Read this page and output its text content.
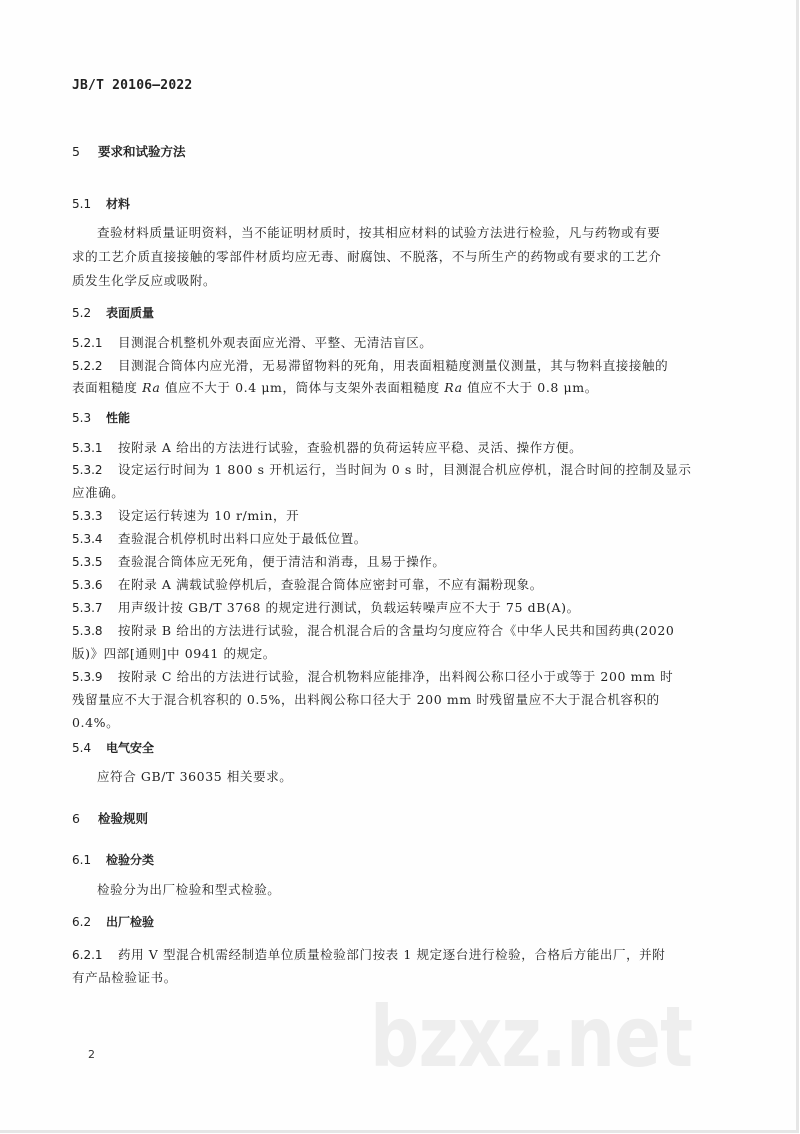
JB/T 20106—2022
5 要求和试验方法
5.1 材料
查验材料质量证明资料，当不能证明材质时，按其相应材料的试验方法进行检验，凡与药物或有要
求的工艺介质直接接触的零部件材质均应无毒、耐腐蚀、不脱落，不与所生产的药物或有要求的工艺介
质发生化学反应或吸附。
5.2 表面质量
5.2.1 目测混合机整机外观表面应光滑、平整、无清洁盲区。
5.2.2 目测混合筒体内应光滑，无易滞留物料的死角，用表面粗糙度测量仪测量，其与物料直接接触的
表面粗糙度 Ra 值应不大于 0.4 μm，筒体与支架外表面粗糙度 Ra 值应不大于 0.8 μm。
5.3 性能
5.3.1 按附录 A 给出的方法进行试验，查验机器的负荷运转应平稳、灵活、操作方便。
5.3.2 设定运行时间为 1 800 s 开机运行，当时间为 0 s 时，目测混合机应停机，混合时间的控制及显示
应准确。
5.3.3 设定运行转速为 10 r/min，开
5.3.4 查验混合机停机时出料口应处于最低位置。
5.3.5 查验混合筒体应无死角，便于清洁和消毒，且易于操作。
5.3.6 在附录 A 满载试验停机后，查验混合筒体应密封可靠，不应有漏粉现象。
5.3.7 用声级计按 GB/T 3768 的规定进行测试，负载运转噪声应不大于 75 dB(A)。
5.3.8 按附录 B 给出的方法进行试验，混合机混合后的含量均匀度应符合《中华人民共和国药典(2020
版)》四部[通则]中 0941 的规定。
5.3.9 按附录 C 给出的方法进行试验，混合机物料应能排净，出料阀公称口径小于或等于 200 mm 时
残留量应不大于混合机容积的 0.5%，出料阀公称口径大于 200 mm 时残留量应不大于混合机容积的
0.4%。
5.4 电气安全
应符合 GB/T 36035 相关要求。
6 检验规则
6.1 检验分类
检验分为出厂检验和型式检验。
6.2 出厂检验
6.2.1 药用 V 型混合机需经制造单位质量检验部门按表 1 规定逐台进行检验，合格后方能出厂，并附
有产品检验证书。
bzxz.net
2
